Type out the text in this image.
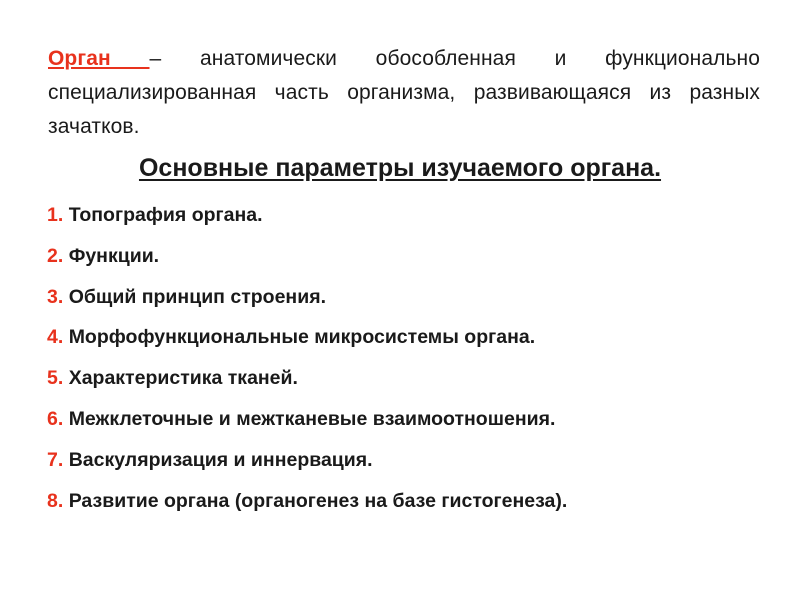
Орган – анатомически обособленная и функционально специализированная часть организма, развивающаяся из разных зачатков.

Основные параметры изучаемого органа.
1. Топография органа.
2. Функции.
3. Общий принцип строения.
4. Морфофункциональные микросистемы органа.
5. Характеристика тканей.
6. Межклеточные и межтканевые взаимоотношения.
7. Васкуляризация и иннервация.
8. Развитие органа (органогенез на базе гистогенеза).
